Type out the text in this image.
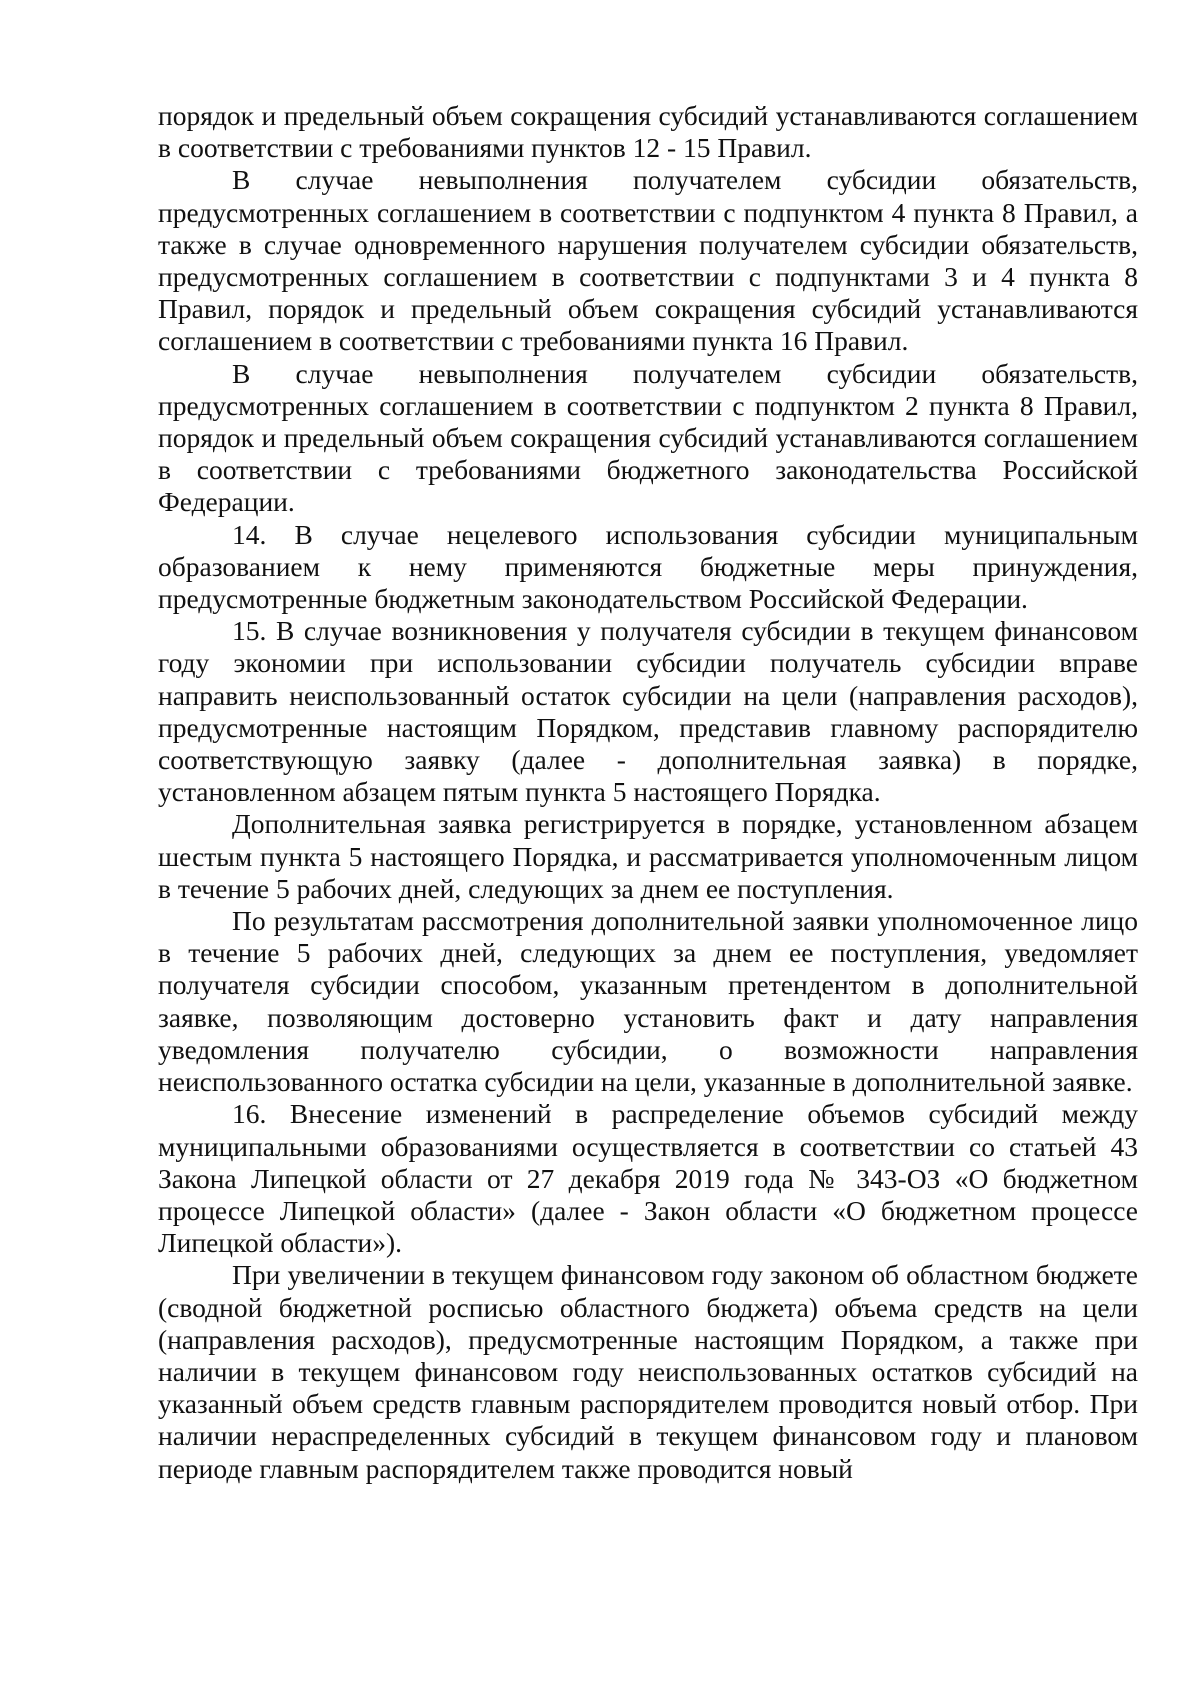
порядок и предельный объем сокращения субсидий устанавливаются соглашением в соответствии с требованиями пунктов 12 - 15 Правил.

В случае невыполнения получателем субсидии обязательств, предусмотренных соглашением в соответствии с подпунктом 4 пункта 8 Правил, а также в случае одновременного нарушения получателем субсидии обязательств, предусмотренных соглашением в соответствии с подпунктами 3 и 4 пункта 8 Правил, порядок и предельный объем сокращения субсидий устанавливаются соглашением в соответствии с требованиями пункта 16 Правил.

В случае невыполнения получателем субсидии обязательств, предусмотренных соглашением в соответствии с подпунктом 2 пункта 8 Правил, порядок и предельный объем сокращения субсидий устанавливаются соглашением в соответствии с требованиями бюджетного законодательства Российской Федерации.

14. В случае нецелевого использования субсидии муниципальным образованием к нему применяются бюджетные меры принуждения, предусмотренные бюджетным законодательством Российской Федерации.

15. В случае возникновения у получателя субсидии в текущем финансовом году экономии при использовании субсидии получатель субсидии вправе направить неиспользованный остаток субсидии на цели (направления расходов), предусмотренные настоящим Порядком, представив главному распорядителю соответствующую заявку (далее - дополнительная заявка) в порядке, установленном абзацем пятым пункта 5 настоящего Порядка.

Дополнительная заявка регистрируется в порядке, установленном абзацем шестым пункта 5 настоящего Порядка, и рассматривается уполномоченным лицом в течение 5 рабочих дней, следующих за днем ее поступления.

По результатам рассмотрения дополнительной заявки уполномоченное лицо в течение 5 рабочих дней, следующих за днем ее поступления, уведомляет получателя субсидии способом, указанным претендентом в дополнительной заявке, позволяющим достоверно установить факт и дату направления уведомления получателю субсидии, о возможности направления неиспользованного остатка субсидии на цели, указанные в дополнительной заявке.

16. Внесение изменений в распределение объемов субсидий между муниципальными образованиями осуществляется в соответствии со статьей 43 Закона Липецкой области от 27 декабря 2019 года № 343-ОЗ «О бюджетном процессе Липецкой области» (далее - Закон области «О бюджетном процессе Липецкой области»).

При увеличении в текущем финансовом году законом об областном бюджете (сводной бюджетной росписью областного бюджета) объема средств на цели (направления расходов), предусмотренные настоящим Порядком, а также при наличии в текущем финансовом году неиспользованных остатков субсидий на указанный объем средств главным распорядителем проводится новый отбор. При наличии нераспределенных субсидий в текущем финансовом году и плановом периоде главным распорядителем также проводится новый
